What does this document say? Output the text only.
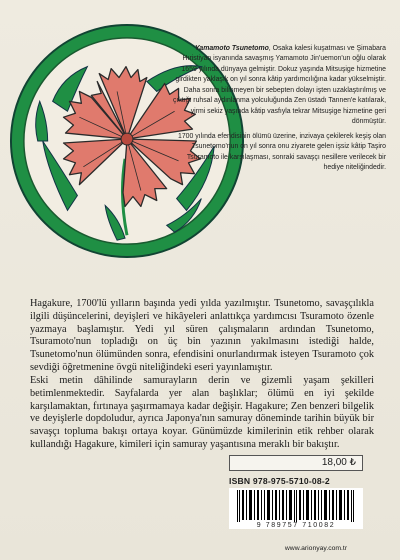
Yamamoto Tsunetomo, Osaka kalesi kuşatması ve Şimabara Hıristiyan isyanında savaşmış Yamamoto Jin'uemon'un oğlu olarak 1659 yılında dünyaya gelmiştir. Dokuz yaşında Mitsuşige hizmetine girdikten yaklaşık on yıl sonra kâtip yardımcılığına kadar yükselmiştir. Daha sonra bilinmeyen bir sebepten dolayı işten uzaklaştırılmış ve çıktığı ruhsal aydınlanma yolculuğunda Zen üstadı Tannen'e katılarak, yirmi sekiz yaşında kâtip vasfıyla tekrar Mitsuşige hizmetine geri dönmüştür.

1700 yılında efendisinin ölümü üzerine, inzivaya çekilerek keşiş olan Tsunetomo'nun on yıl sonra onu ziyarete gelen işsiz kâtip Taşiro Tsuramoto ile karşılaşması, sonraki savaşçı nesillere verilecek bir hediye niteliğindedir.

Hagakure, 1700'lü yılların başında yedi yılda yazılmıştır. Tsunetomo, savaşçılıkla ilgili düşüncelerini, deyişleri ve hikâyeleri anlattıkça yardımcısı Tsuramoto özenle yazmaya başlamıştır. Yedi yıl süren çalışmaların ardından Tsunetomo, Tsuramoto'nun topladığı on üç bin yazının yakılmasını istediği halde, Tsunetomo'nun ölümünden sonra, efendisini onurlandırmak isteyen Tsuramoto çok sevdiği öğretmenine övgü niteliğindeki eseri yayınlamıştır.

Eski metin dâhilinde samurayların derin ve gizemli yaşam şekilleri betimlenmektedir. Sayfalarda yer alan başlıklar; ölümü en iyi şekilde karşılamaktan, fırtınaya şaşırmamaya kadar değişir. Hagakure; Zen benzeri bilgelik ve deyişlerle dopdoludur, ayrıca Japonya'nın samuray döneminde tarihin büyük bir savaşçı topluma bakışı ortaya koyar. Günümüzde kimilerinin etik rehber olarak kullandığı Hagakure, kimileri için samuray yaşantısına meraklı bir bakıştır.

18,00 ₺
ISBN 978-975-5710-08-2
9 789757 710082
www.arionyay.com.tr
